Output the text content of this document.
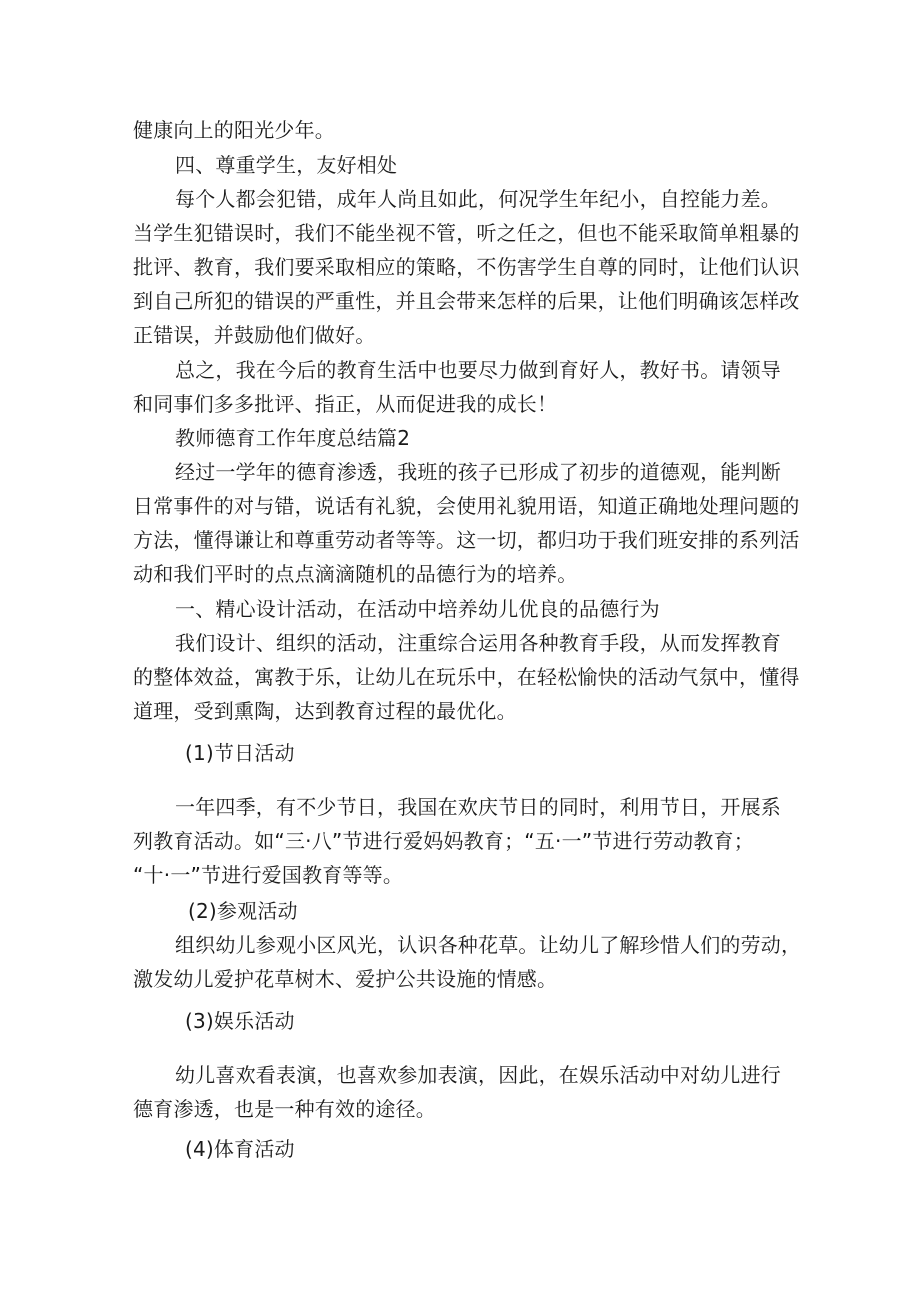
健康向上的阳光少年。
四、尊重学生，友好相处
每个人都会犯错，成年人尚且如此，何况学生年纪小，自控能力差。
当学生犯错误时，我们不能坐视不管，听之任之，但也不能采取简单粗暴的
批评、教育，我们要采取相应的策略，不伤害学生自尊的同时，让他们认识
到自己所犯的错误的严重性，并且会带来怎样的后果，让他们明确该怎样改
正错误，并鼓励他们做好。
总之，我在今后的教育生活中也要尽力做到育好人，教好书。请领导
和同事们多多批评、指正，从而促进我的成长！
教师德育工作年度总结篇2
经过一学年的德育渗透，我班的孩子已形成了初步的道德观，能判断
日常事件的对与错，说话有礼貌，会使用礼貌用语，知道正确地处理问题的
方法，懂得谦让和尊重劳动者等等。这一切，都归功于我们班安排的系列活
动和我们平时的点点滴滴随机的品德行为的培养。
一、精心设计活动，在活动中培养幼儿优良的品德行为
我们设计、组织的活动，注重综合运用各种教育手段，从而发挥教育
的整体效益，寓教于乐，让幼儿在玩乐中，在轻松愉快的活动气氛中，懂得
道理，受到熏陶，达到教育过程的最优化。
(1)节日活动
一年四季，有不少节日，我国在欢庆节日的同时，利用节日，开展系
列教育活动。如“三·八”节进行爱妈妈教育；“五·一”节进行劳动教育；
“十·一”节进行爱国教育等等。
(2)参观活动
组织幼儿参观小区风光，认识各种花草。让幼儿了解珍惜人们的劳动，
激发幼儿爱护花草树木、爱护公共设施的情感。
(3)娱乐活动
幼儿喜欢看表演，也喜欢参加表演，因此，在娱乐活动中对幼儿进行
德育渗透，也是一种有效的途径。
(4)体育活动
